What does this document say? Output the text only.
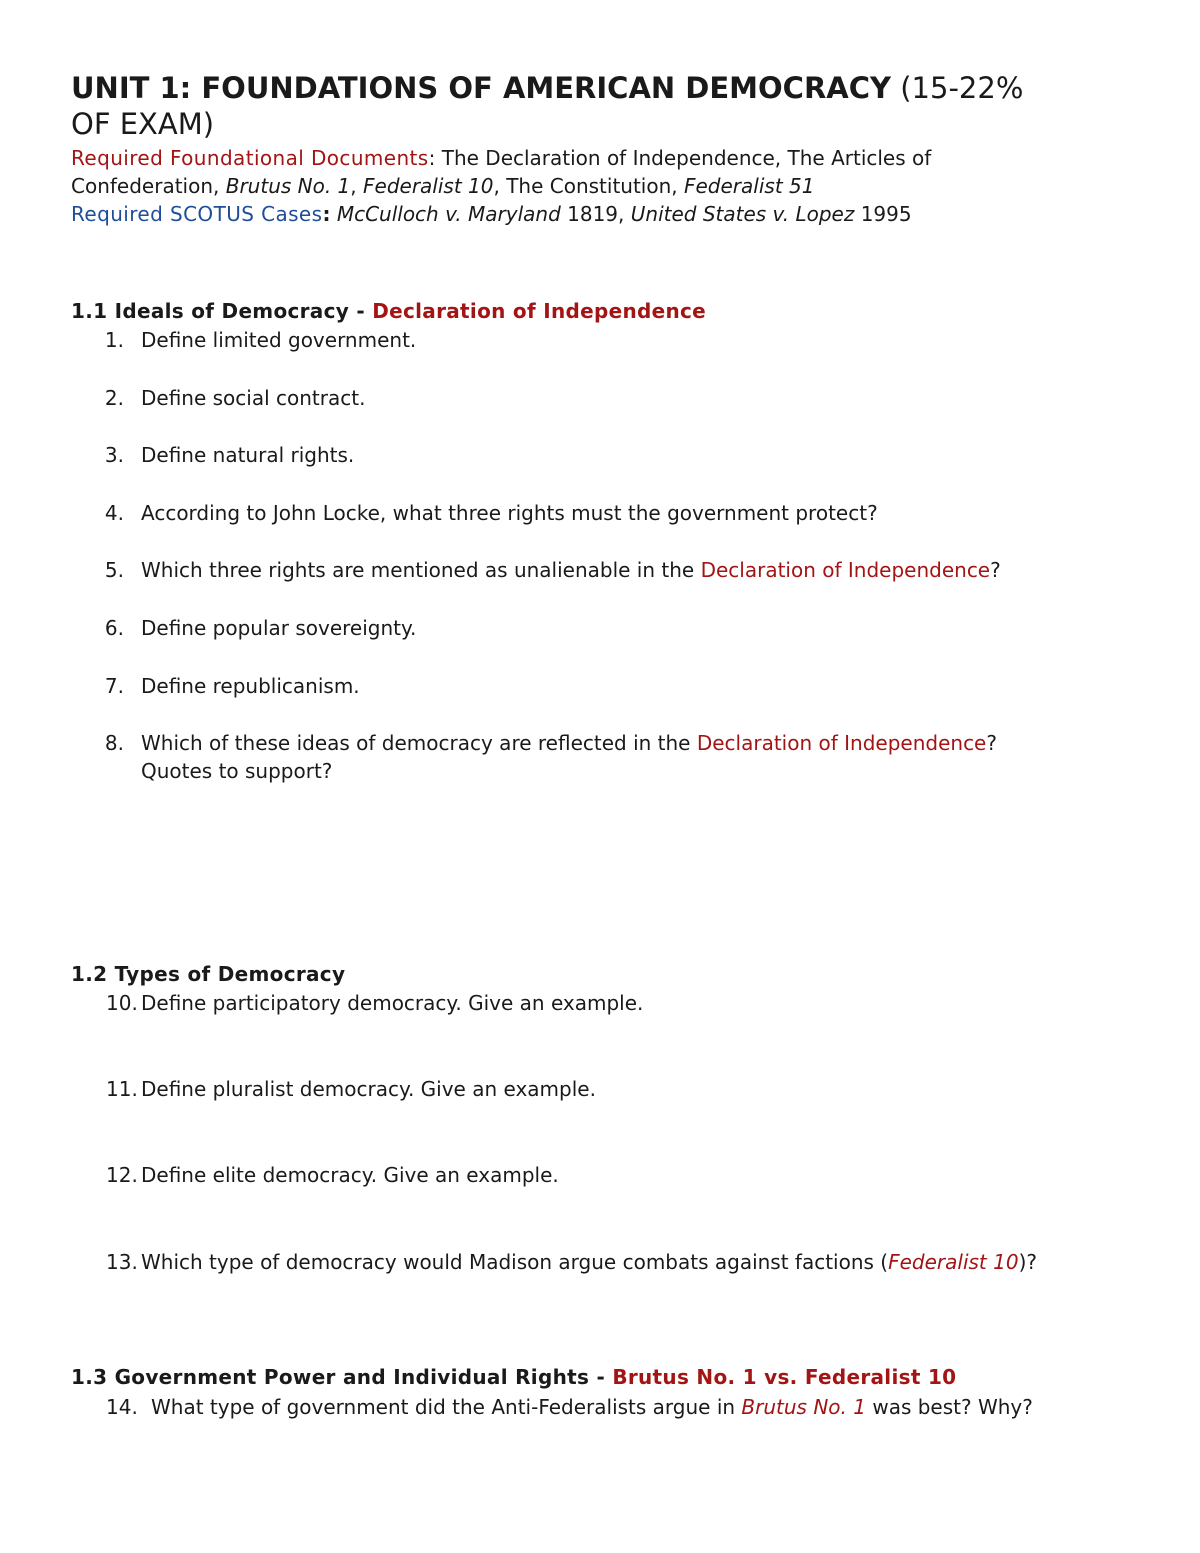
UNIT 1: FOUNDATIONS OF AMERICAN DEMOCRACY (15-22%
OF EXAM)

Required Foundational Documents: The Declaration of Independence, The Articles of
Confederation, Brutus No. 1, Federalist 10, The Constitution, Federalist 51

Required SCOTUS Cases: McCulloch v. Maryland 1819, United States v. Lopez 1995

1.1 Ideals of Democracy - Declaration of Independence

1. Define limited government.
2. Define social contract.
3. Define natural rights.
4. According to John Locke, what three rights must the government protect?
5. Which three rights are mentioned as unalienable in the Declaration of Independence?
6. Define popular sovereignty.
7. Define republicanism.
8. Which of these ideas of democracy are reflected in the Declaration of Independence?
Quotes to support?

1.2 Types of Democracy

10. Define participatory democracy. Give an example.
11. Define pluralist democracy. Give an example.
12. Define elite democracy. Give an example.
13. Which type of democracy would Madison argue combats against factions (Federalist 10)?

1.3 Government Power and Individual Rights - Brutus No. 1 vs. Federalist 10

14. What type of government did the Anti-Federalists argue in Brutus No. 1 was best? Why?
